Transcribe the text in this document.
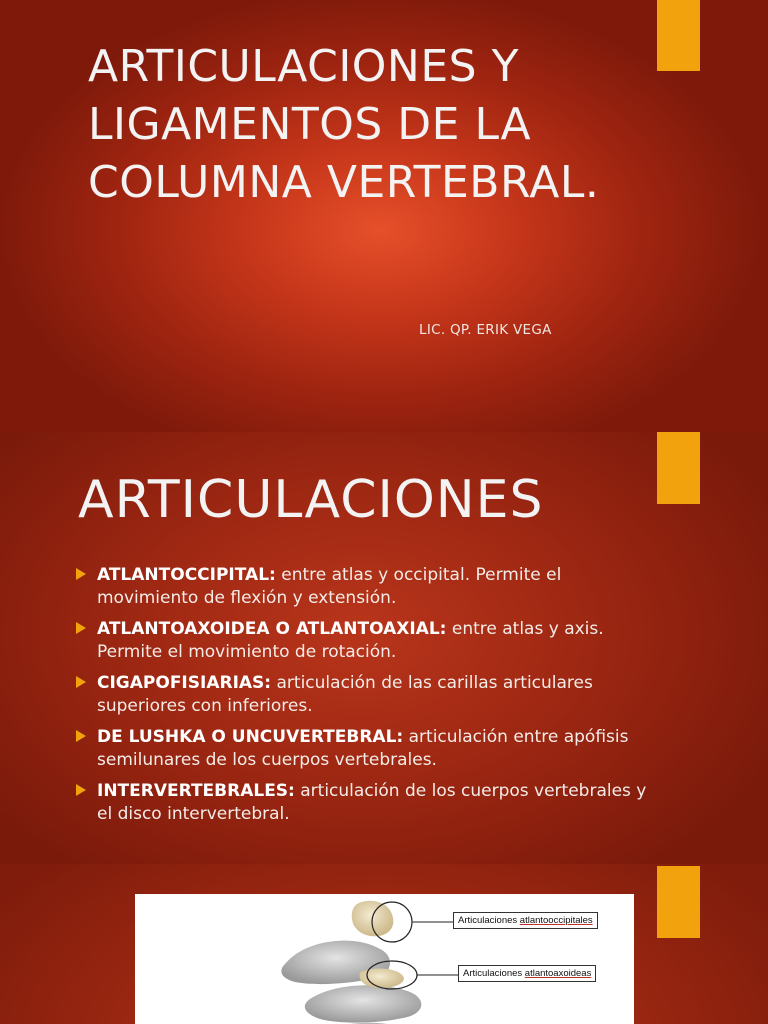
ARTICULACIONES Y LIGAMENTOS DE LA COLUMNA VERTEBRAL.
LIC. QP. ERIK VEGA
ARTICULACIONES
ATLANTOCCIPITAL: entre atlas y occipital. Permite el movimiento de flexión y extensión.
ATLANTOAXOIDEA O ATLANTOAXIAL: entre atlas y axis. Permite el movimiento de rotación.
CIGAPOFISIARIAS: articulación de las carillas articulares superiores con inferiores.
DE LUSHKA O UNCUVERTEBRAL: articulación entre apófisis semilunares de los cuerpos vertebrales.
INTERVERTEBRALES: articulación de los cuerpos vertebrales y el disco intervertebral.
Articulaciones atlantooccipitales
Articulaciones atlantoaxoideas
